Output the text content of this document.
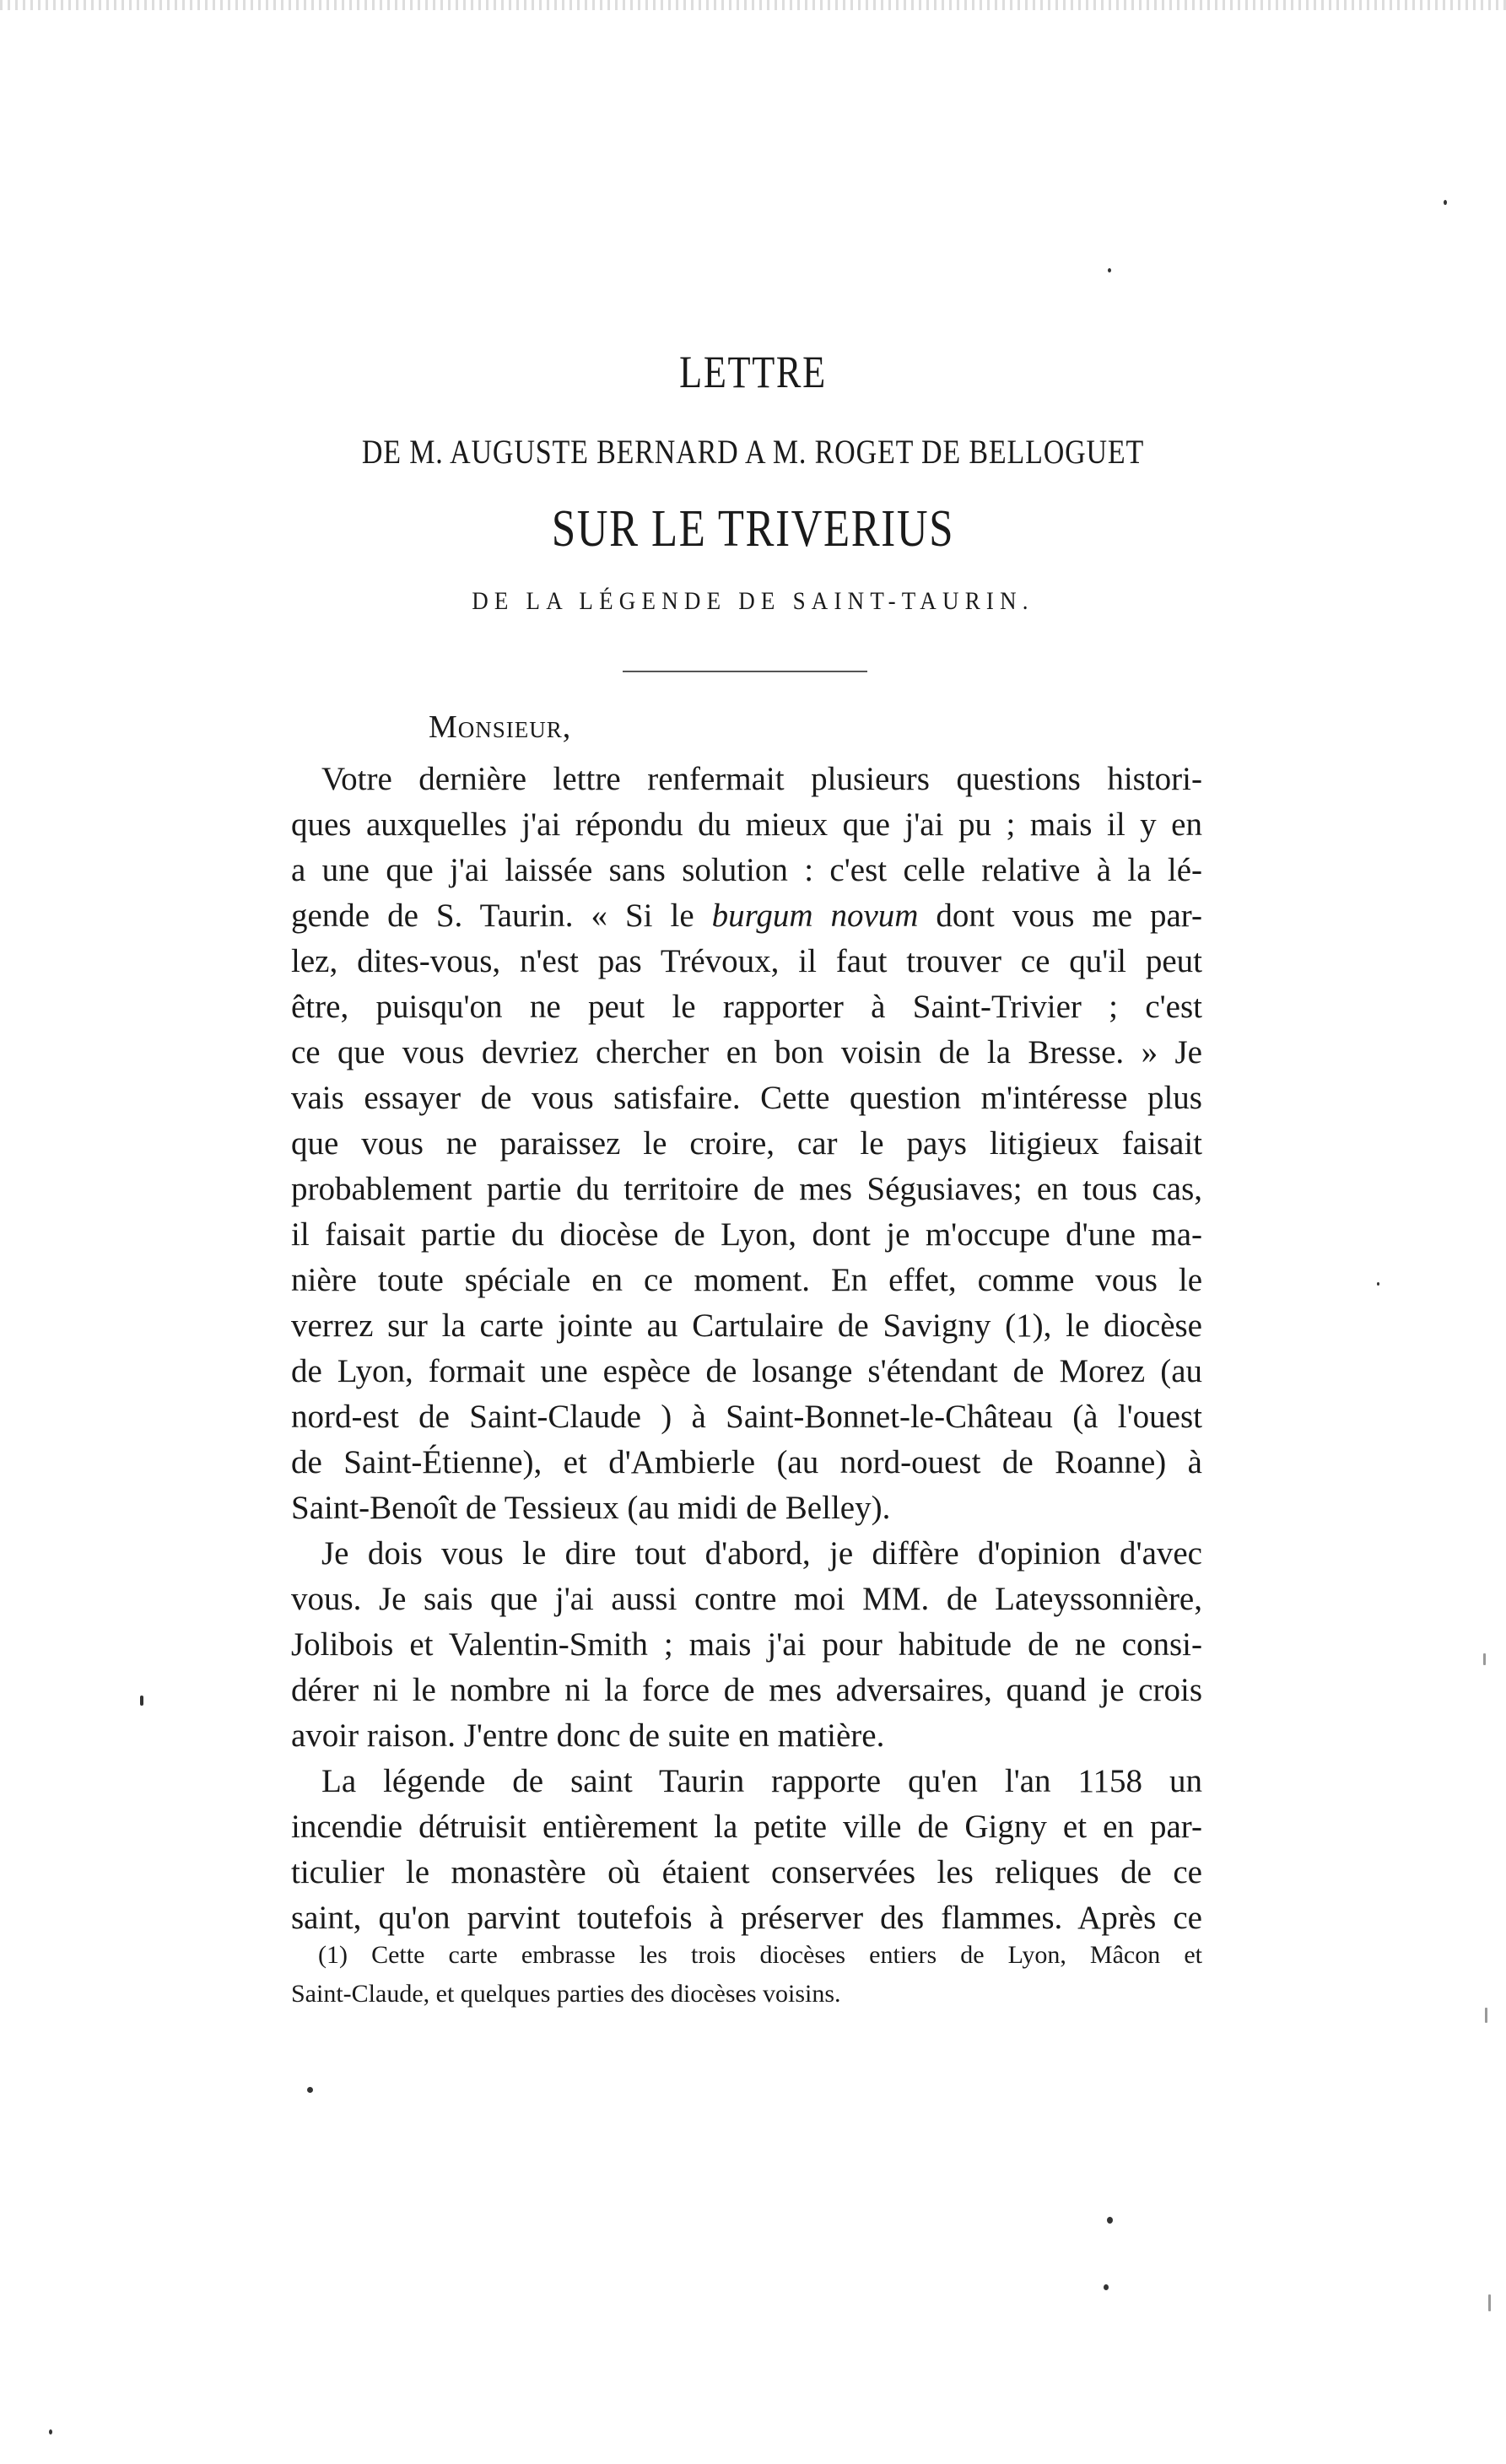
LETTRE
DE M. AUGUSTE BERNARD A M. ROGET DE BELLOGUET
SUR LE TRIVERIUS
DE LA LÉGENDE DE SAINT-TAURIN.
Monsieur,
Votre dernière lettre renfermait plusieurs questions histori-
ques auxquelles j'ai répondu du mieux que j'ai pu ; mais il y en
a une que j'ai laissée sans solution : c'est celle relative à la lé-
gende de S. Taurin. « Si le burgum novum dont vous me par-
lez, dites-vous, n'est pas Trévoux, il faut trouver ce qu'il peut
être, puisqu'on ne peut le rapporter à Saint-Trivier ; c'est
ce que vous devriez chercher en bon voisin de la Bresse. » Je
vais essayer de vous satisfaire. Cette question m'intéresse plus
que vous ne paraissez le croire, car le pays litigieux faisait
probablement partie du territoire de mes Ségusiaves; en tous cas,
il faisait partie du diocèse de Lyon, dont je m'occupe d'une ma-
nière toute spéciale en ce moment. En effet, comme vous le
verrez sur la carte jointe au Cartulaire de Savigny (1), le diocèse
de Lyon, formait une espèce de losange s'étendant de Morez (au
nord-est de Saint-Claude ) à Saint-Bonnet-le-Château (à l'ouest
de Saint-Étienne), et d'Ambierle (au nord-ouest de Roanne) à
Saint-Benoît de Tessieux (au midi de Belley).
Je dois vous le dire tout d'abord, je diffère d'opinion d'avec
vous. Je sais que j'ai aussi contre moi MM. de Lateyssonnière,
Jolibois et Valentin-Smith ; mais j'ai pour habitude de ne consi-
dérer ni le nombre ni la force de mes adversaires, quand je crois
avoir raison. J'entre donc de suite en matière.
La légende de saint Taurin rapporte qu'en l'an 1158 un
incendie détruisit entièrement la petite ville de Gigny et en par-
ticulier le monastère où étaient conservées les reliques de ce
saint, qu'on parvint toutefois à préserver des flammes. Après ce
(1) Cette carte embrasse les trois diocèses entiers de Lyon, Mâcon et
Saint-Claude, et quelques parties des diocèses voisins.
